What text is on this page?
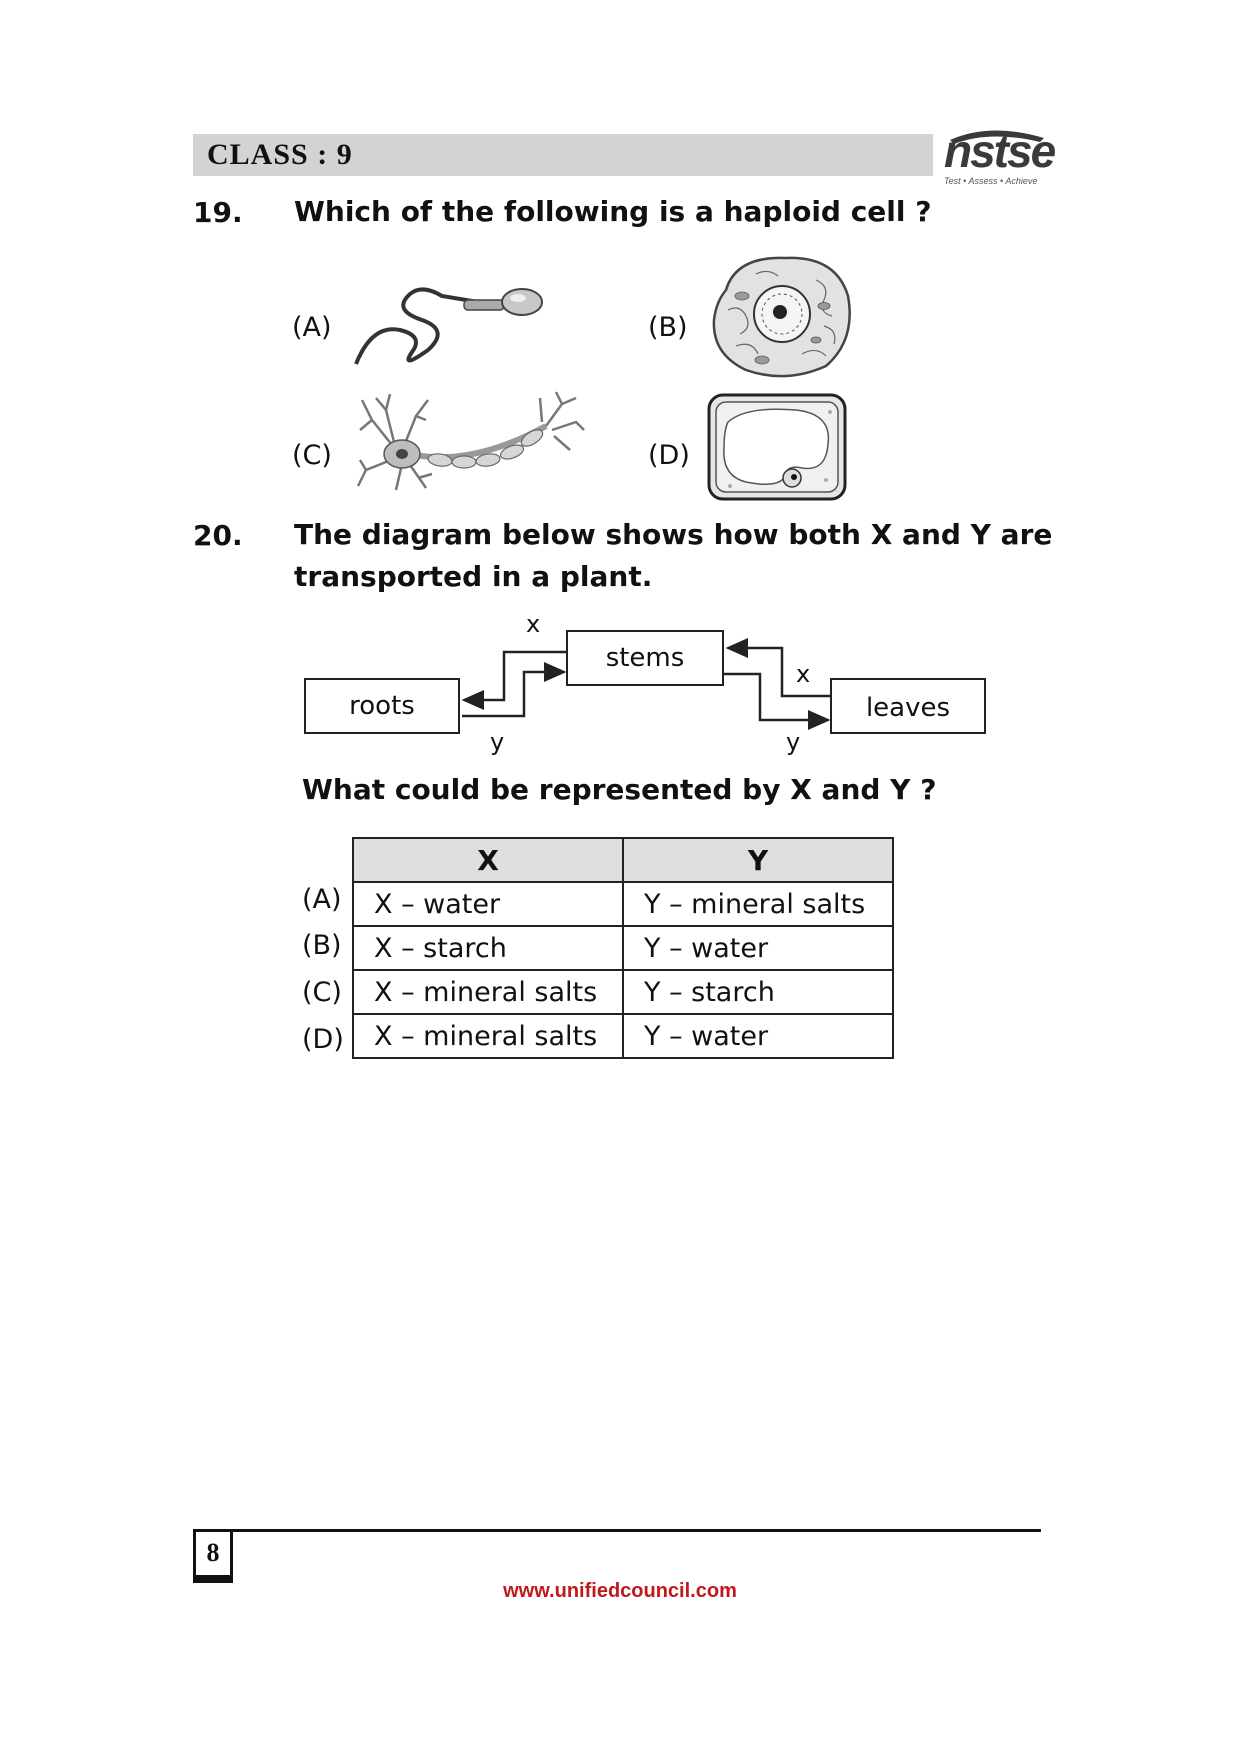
CLASS : 9	nstse
Test • Assess • Achieve
19. Which of the following is a haploid cell ?
(A)	(B)
(C)	(D)
20. The diagram below shows how both X and Y are
transported in a plant.
roots
stems
leaves
x
y
x
y
What could be represented by X and Y ?
(A)
(B)
(C)
(D)
X	Y
X – water	Y – mineral salts
X – starch	Y – water
X – mineral salts	Y – starch
X – mineral salts	Y – water
8
www.unifiedcouncil.com
